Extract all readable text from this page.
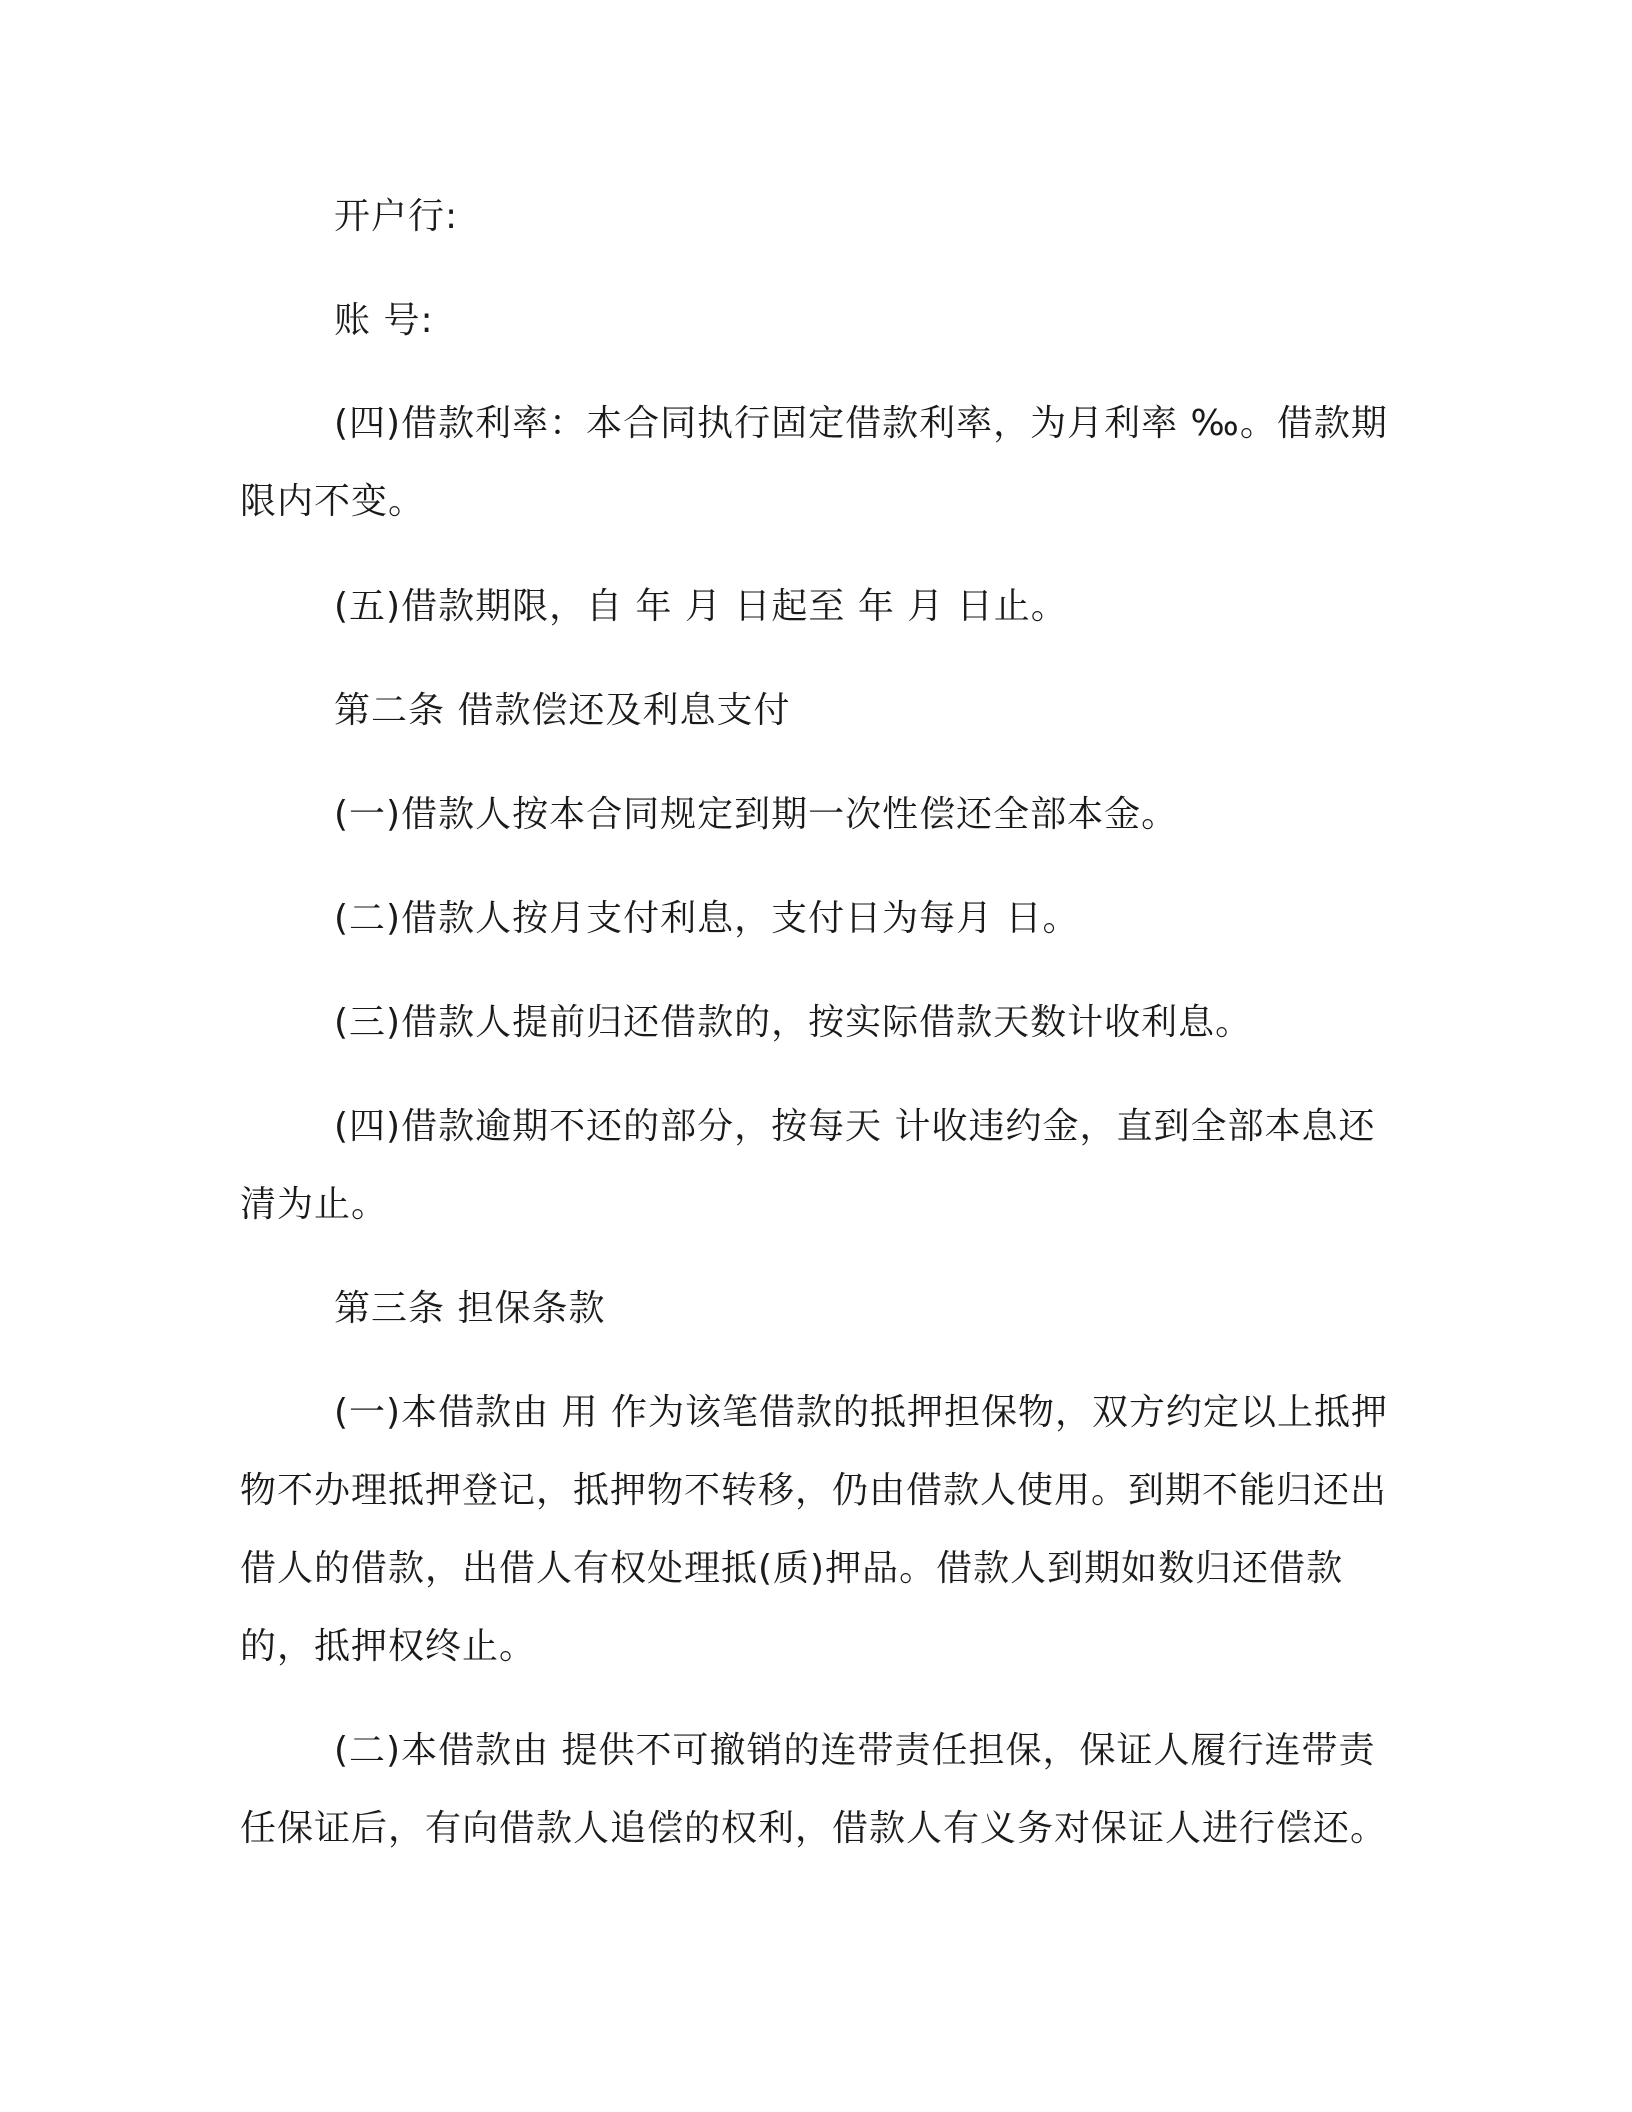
开户行:

账 号:

(四)借款利率：本合同执行固定借款利率，为月利率 ‰。借款期限内不变。

(五)借款期限，自 年 月 日起至 年 月 日止。

第二条 借款偿还及利息支付

(一)借款人按本合同规定到期一次性偿还全部本金。

(二)借款人按月支付利息，支付日为每月 日。

(三)借款人提前归还借款的，按实际借款天数计收利息。

(四)借款逾期不还的部分，按每天 计收违约金，直到全部本息还清为止。

第三条 担保条款

(一)本借款由 用 作为该笔借款的抵押担保物，双方约定以上抵押物不办理抵押登记，抵押物不转移，仍由借款人使用。到期不能归还出借人的借款，出借人有权处理抵(质)押品。借款人到期如数归还借款的，抵押权终止。

(二)本借款由 提供不可撤销的连带责任担保，保证人履行连带责任保证后，有向借款人追偿的权利，借款人有义务对保证人进行偿还。
